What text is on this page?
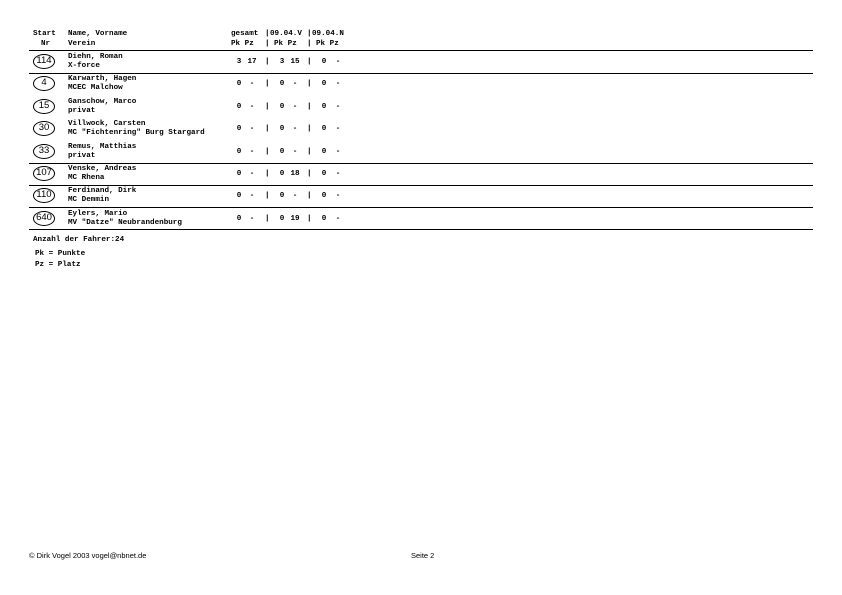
Start
Nr
Name, Vorname
Verein
gesamt | 09.04.V | 09.04.N
Pk Pz | Pk Pz | Pk Pz
114	Diehn, Roman
X-force	3 17 | 3 15 | 0 -
4	Karwarth, Hagen
MCEC Malchow	0	-	| 0	-	| 0 -
15	Ganschow, Marco
privat	0	-	| 0	-	| 0 -
30	Villwock, Carsten
MC "Fichtenring" Burg Stargard	0	-	| 0	-	| 0 -
33	Remus, Matthias
privat	0	-	| 0	-	| 0 -
107	Venske, Andreas
MC Rhena	0	-	| 0 18 | 0 -
110	Ferdinand, Dirk
MC Demmin	0	-	| 0	-	| 0 -
640	Eylers, Mario
MV "Datze" Neubrandenburg	0	-	| 0 19 | 0 -
Anzahl der Fahrer:24
Pk = Punkte
Pz = Platz
© Dirk Vogel 2003 vogel@nbnet.de	Seite 2
